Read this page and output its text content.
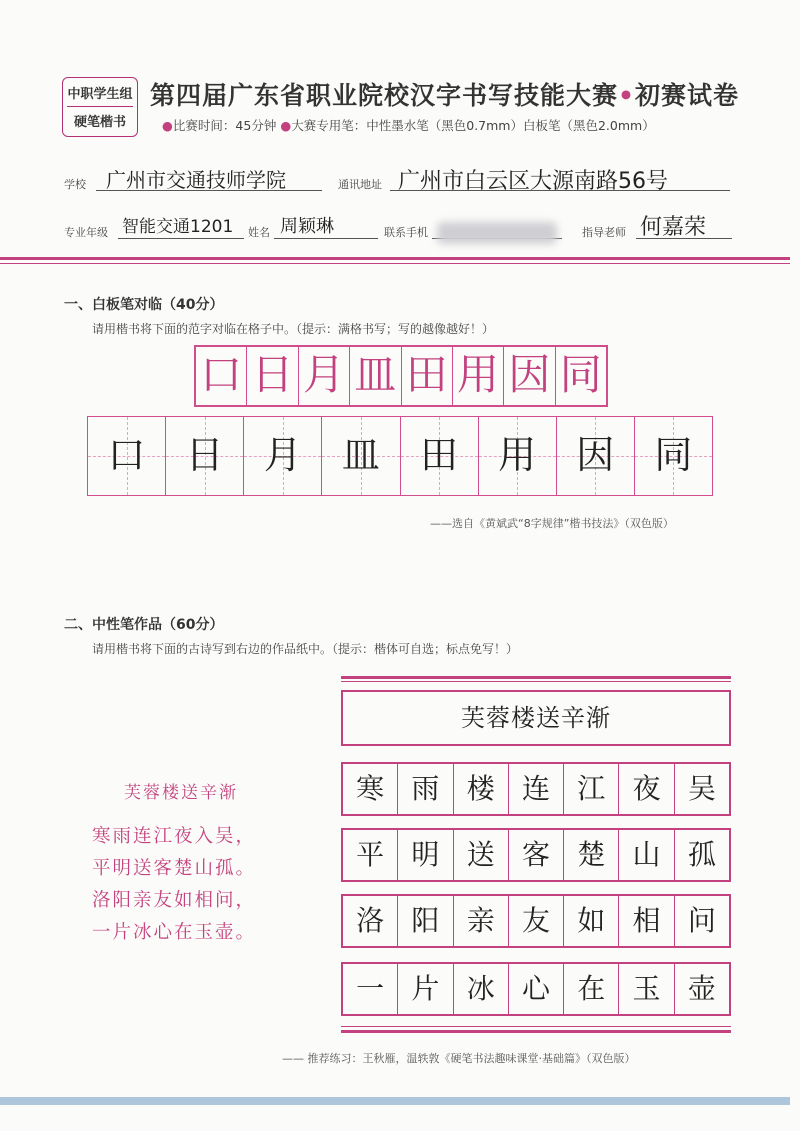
中职学生组
硬笔楷书
第四届广东省职业院校汉字书写技能大赛•初赛试卷
●比赛时间：45分钟 ●大赛专用笔：中性墨水笔（黑色0.7mm）白板笔（黑色2.0mm）
学校 广州市交通技师学院	通讯地址 广州市白云区大源南路56号
专业年级 智能交通1201 姓名 周颖琳	联系手机	指导老师 何嘉荣
一、白板笔对临（40分）
请用楷书将下面的范字对临在格子中。（提示：满格书写；写的越像越好！）
口 日 月 皿 田 用 因 同
口	日	月	皿	田	用	因	同
——选自《黄斌武“8字规律”楷书技法》（双色版）
二、中性笔作品（60分）
请用楷书将下面的古诗写到右边的作品纸中。（提示：楷体可自选；标点免写！）
芙蓉楼送辛渐
寒雨连江夜入吴，
平明送客楚山孤。
洛阳亲友如相问，
一片冰心在玉壶。
芙蓉楼送辛渐
寒 雨 楼 连 江 夜 吴
平 明 送 客 楚 山 孤
洛 阳 亲 友 如 相 问
一 片 冰 心 在 玉 壶
—— 推荐练习：王秋雁，温轶敦《硬笔书法趣味课堂·基础篇》（双色版）
